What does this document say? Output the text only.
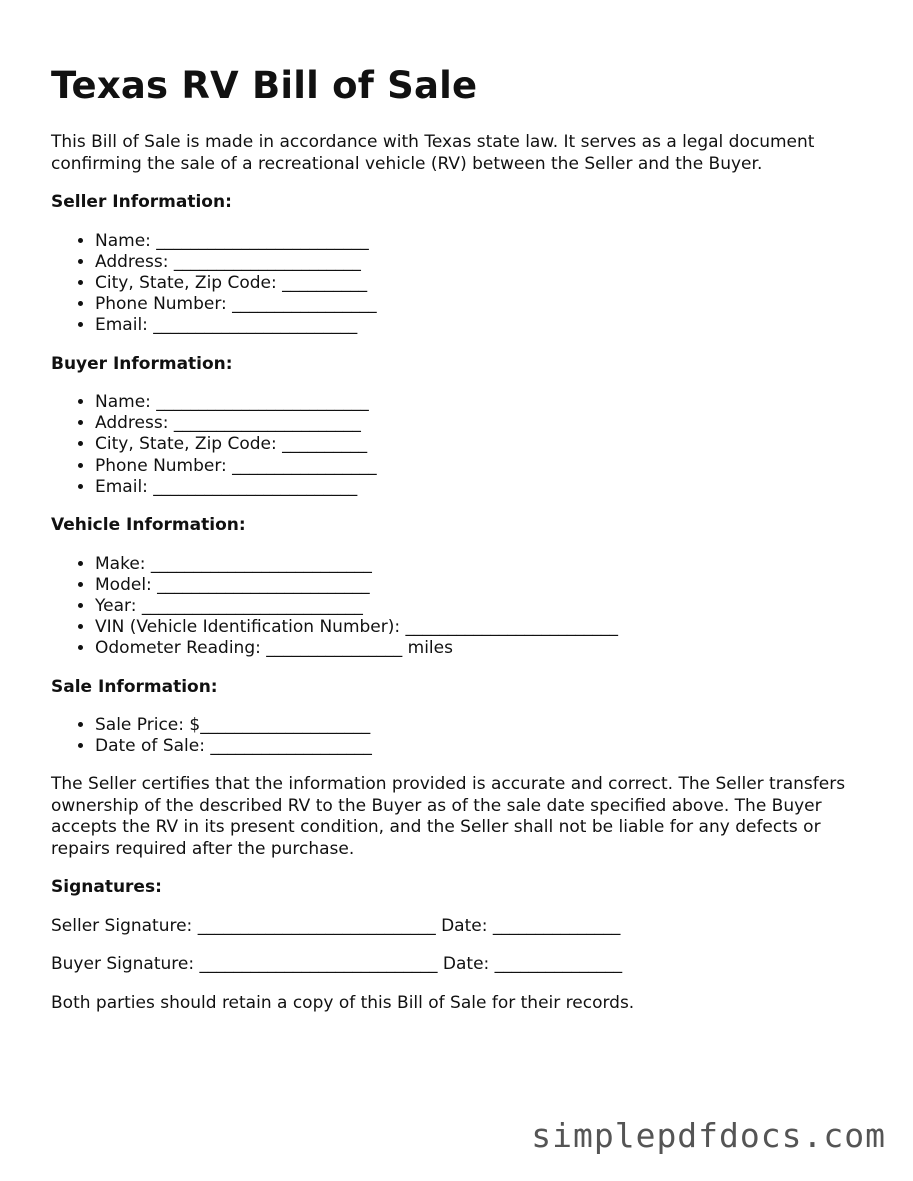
Texas RV Bill of Sale

This Bill of Sale is made in accordance with Texas state law. It serves as a legal document confirming the sale of a recreational vehicle (RV) between the Seller and the Buyer.

Seller Information:
• Name: _________________________
• Address: ______________________
• City, State, Zip Code: __________
• Phone Number: _________________
• Email: ________________________
Buyer Information:
• Name: _________________________
• Address: ______________________
• City, State, Zip Code: __________
• Phone Number: _________________
• Email: ________________________
Vehicle Information:
• Make: __________________________
• Model: _________________________
• Year: __________________________
• VIN (Vehicle Identification Number): _________________________
• Odometer Reading: ________________ miles
Sale Information:
• Sale Price: $____________________
• Date of Sale: ___________________

The Seller certifies that the information provided is accurate and correct. The Seller transfers ownership of the described RV to the Buyer as of the sale date specified above. The Buyer accepts the RV in its present condition, and the Seller shall not be liable for any defects or repairs required after the purchase.

Signatures:

Seller Signature: ____________________________ Date: _______________

Buyer Signature: ____________________________ Date: _______________

Both parties should retain a copy of this Bill of Sale for their records.

simplepdfdocs.com
